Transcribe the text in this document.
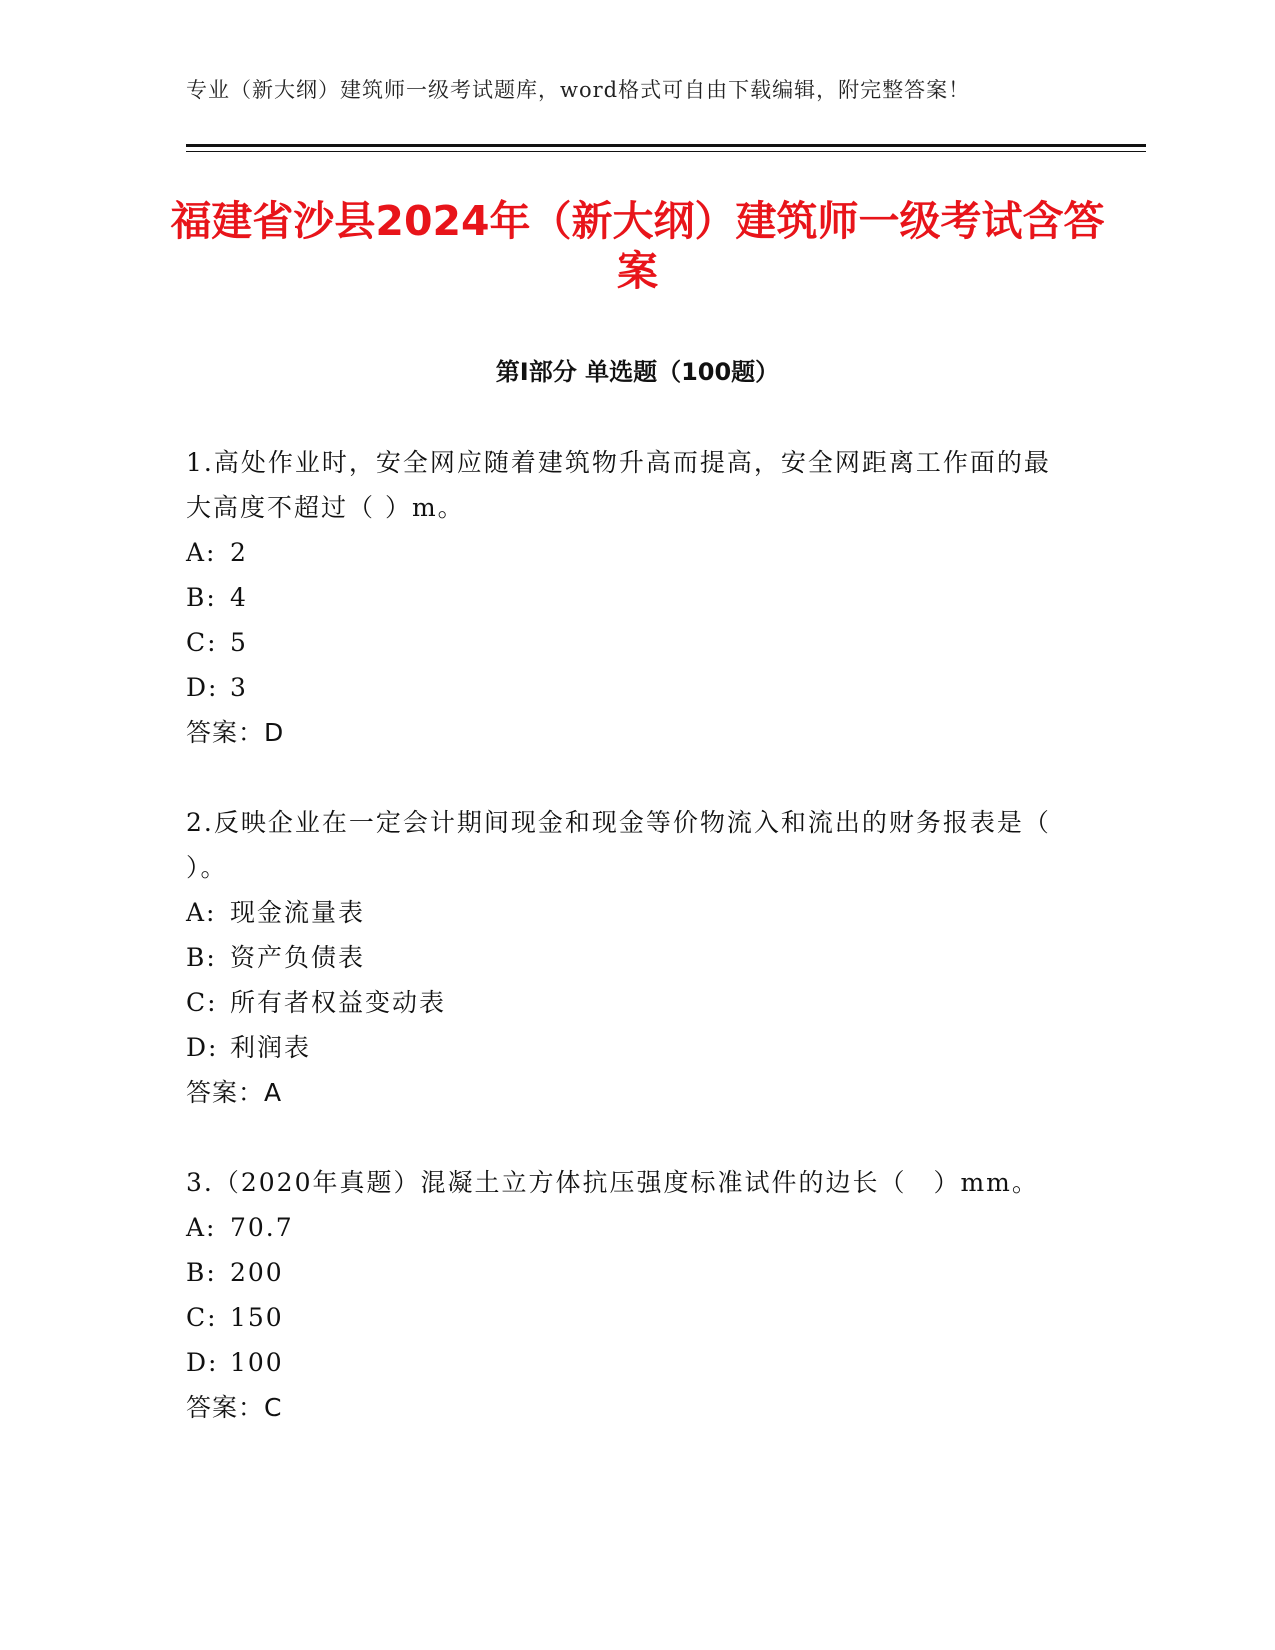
专业（新大纲）建筑师一级考试题库，word格式可自由下载编辑，附完整答案！
福建省沙县2024年（新大纲）建筑师一级考试含答案
第I部分 单选题（100题）

1.高处作业时，安全网应随着建筑物升高而提高，安全网距离工作面的最大高度不超过（ ）m。

A: 2

B: 4

C: 5

D: 3

答案：D

2.反映企业在一定会计期间现金和现金等价物流入和流出的财务报表是（ ）。

A: 现金流量表

B: 资产负债表

C: 所有者权益变动表

D: 利润表

答案：A

3.（2020年真题）混凝土立方体抗压强度标准试件的边长（　）mm。

A: 70.7

B: 200

C: 150

D: 100

答案：C
